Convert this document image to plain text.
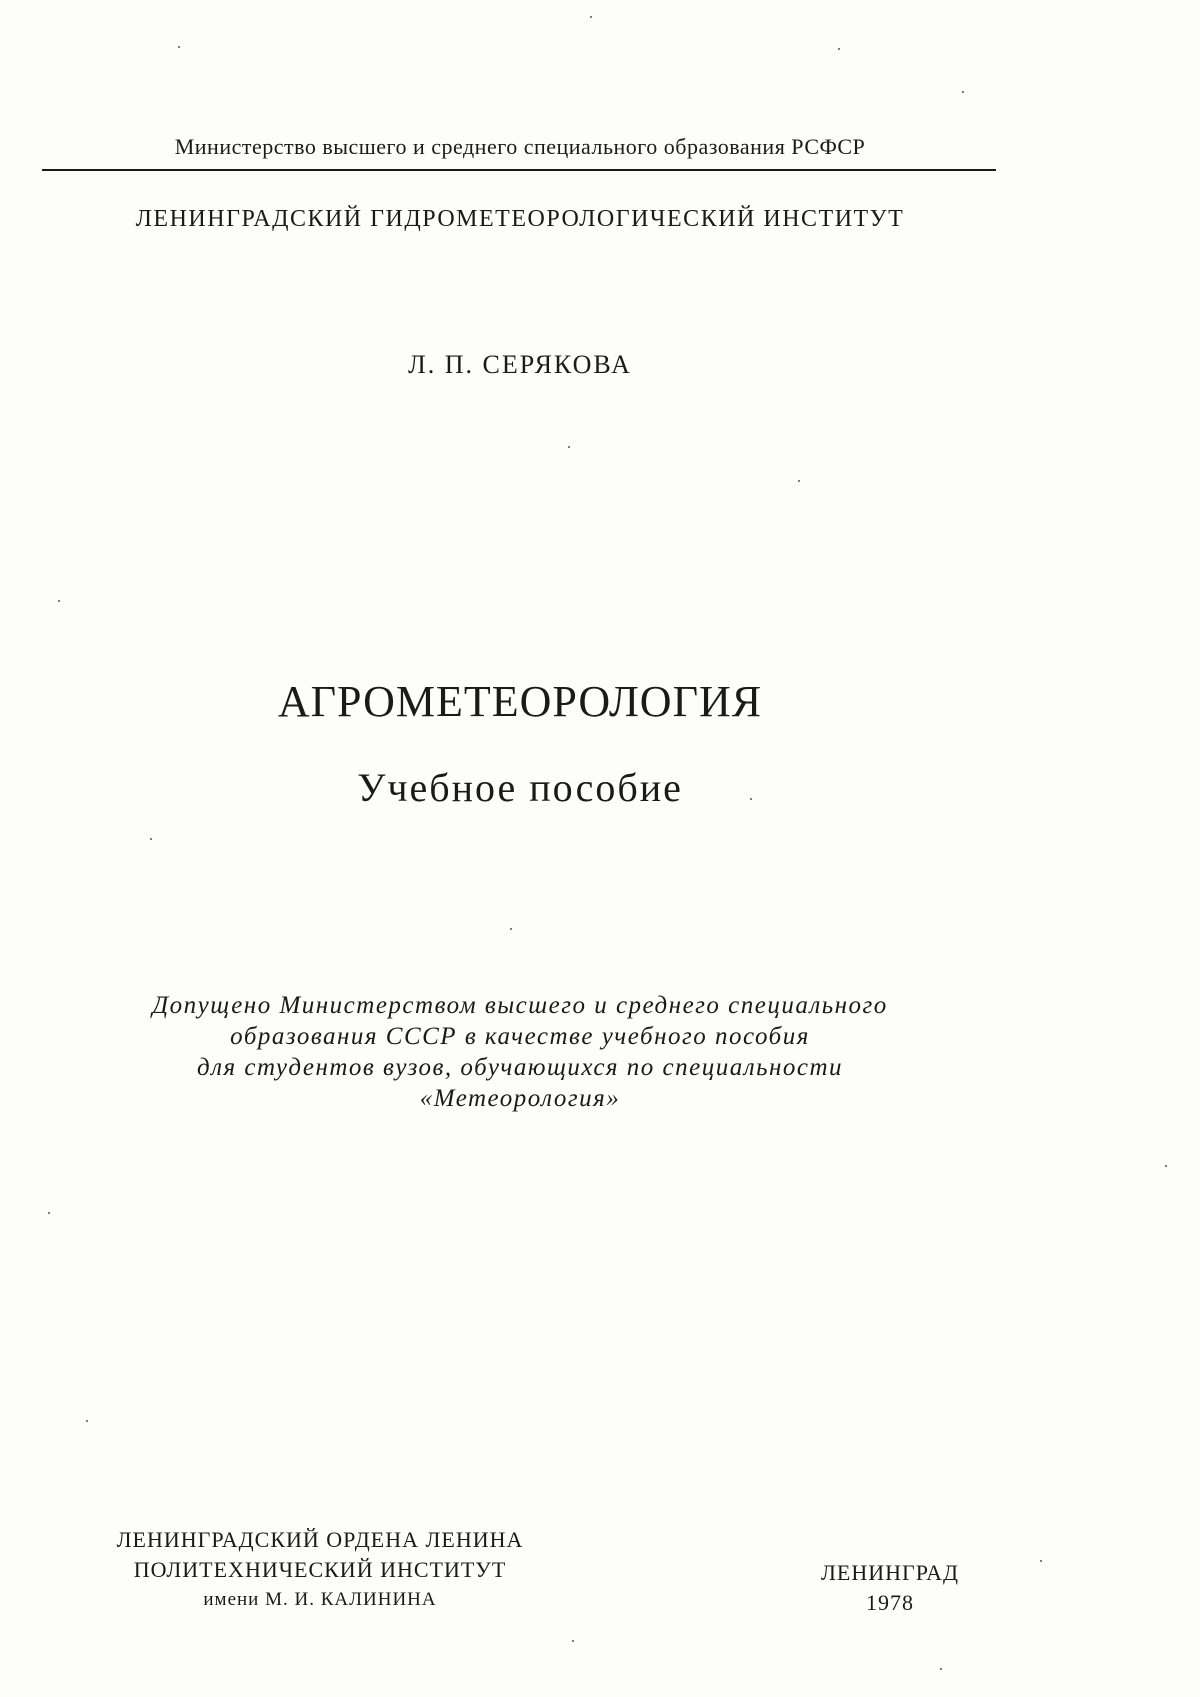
Министерство высшего и среднего специального образования РСФСР
ЛЕНИНГРАДСКИЙ ГИДРОМЕТЕОРОЛОГИЧЕСКИЙ ИНСТИТУТ
Л. П. СЕРЯКОВА
АГРОМЕТЕОРОЛОГИЯ
Учебное пособие
Допущено Министерством высшего и среднего специального
образования СССР в качестве учебного пособия
для студентов вузов, обучающихся по специальности
«Метеорология»
ЛЕНИНГРАДСКИЙ ОРДЕНА ЛЕНИНА
ПОЛИТЕХНИЧЕСКИЙ ИНСТИТУТ
имени М. И. КАЛИНИНА
ЛЕНИНГРАД
1978
